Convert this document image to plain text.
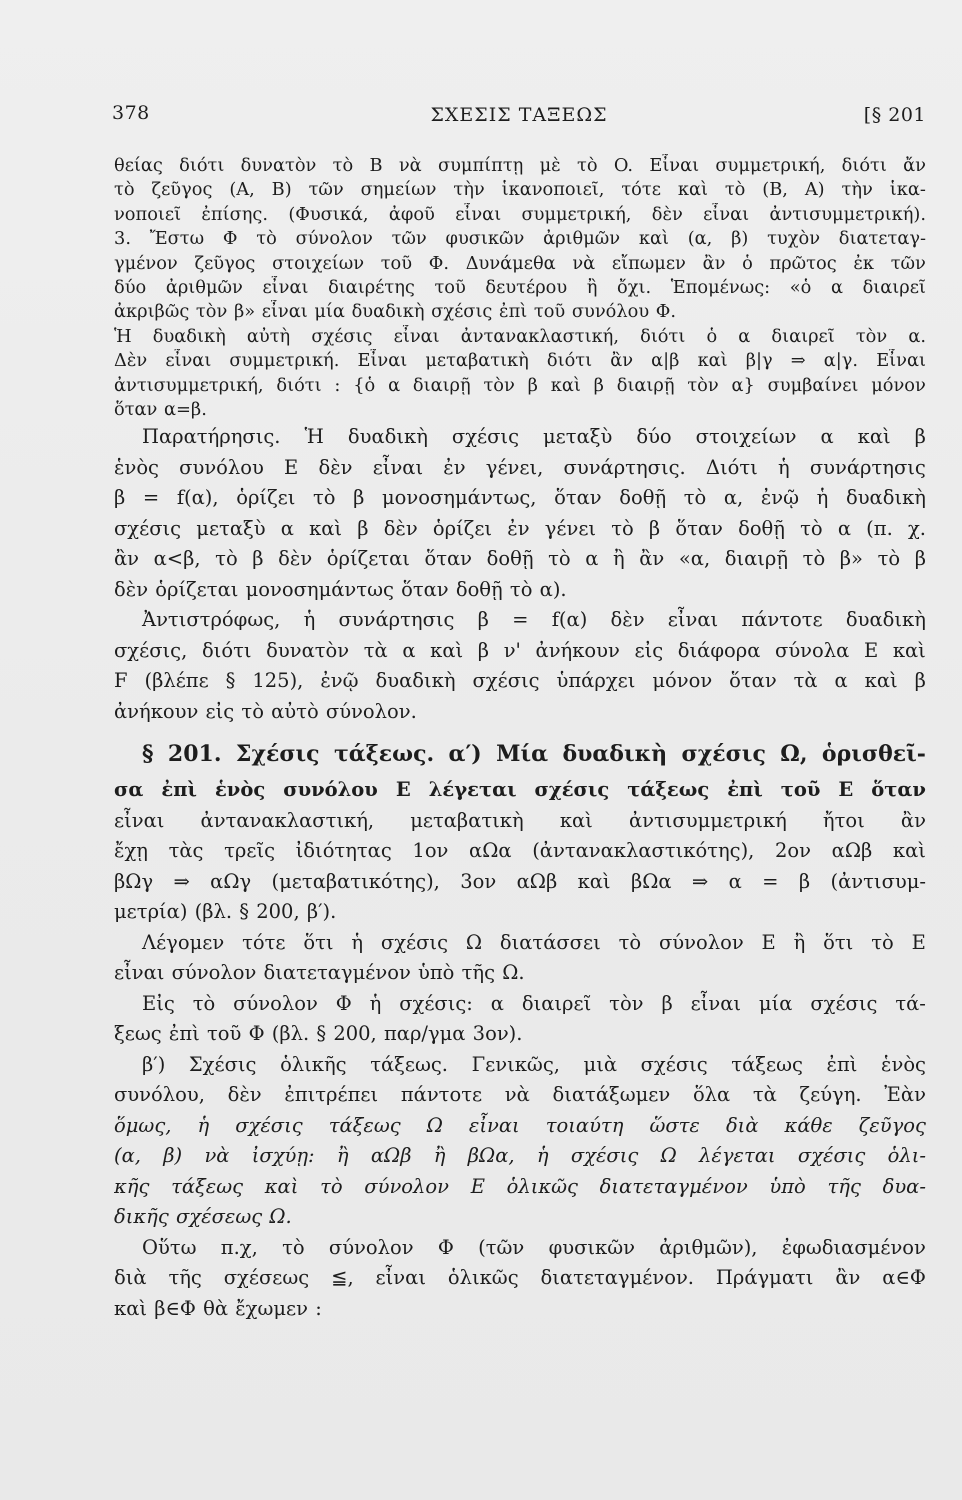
378	ΣΧΕΣΙΣ ΤΑΞΕΩΣ	[§ 201
θείας διότι δυνατὸν τὸ B νὰ συμπίπτῃ μὲ τὸ O. Εἶναι συμμετρική, διότι ἄν
τὸ ζεῦγος (A, B) τῶν σημείων τὴν ἱκανοποιεῖ, τότε καὶ τὸ (B, A) τὴν ἱκα-
νοποιεῖ ἐπίσης. (Φυσικά, ἀφοῦ εἶναι συμμετρική, δὲν εἶναι ἀντισυμμετρική).
3. Ἔστω Φ τὸ σύνολον τῶν φυσικῶν ἀριθμῶν καὶ (α, β) τυχὸν διατεταγ-
γμένον ζεῦγος στοιχείων τοῦ Φ. Δυνάμεθα νὰ εἴπωμεν ἂν ὁ πρῶτος ἐκ τῶν
δύο ἀριθμῶν εἶναι διαιρέτης τοῦ δευτέρου ἢ ὄχι. Ἑπομένως: «ὁ α διαιρεῖ
ἀκριβῶς τὸν β» εἶναι μία δυαδικὴ σχέσις ἐπὶ τοῦ συνόλου Φ.
Ἡ δυαδικὴ αὐτὴ σχέσις εἶναι ἀντανακλαστική, διότι ὁ α διαιρεῖ τὸν α.
Δὲν εἶναι συμμετρική. Εἶναι μεταβατικὴ διότι ἂν α|β καὶ β|γ ⇒ α|γ. Εἶναι
ἀντισυμμετρική, διότι : {ὁ α διαιρῇ τὸν β καὶ β διαιρῇ τὸν α} συμβαίνει μόνον
ὅταν α=β.
Παρατήρησις. Ἡ δυαδικὴ σχέσις μεταξὺ δύο στοιχείων α καὶ β
ἑνὸς συνόλου E δὲν εἶναι ἐν γένει, συνάρτησις. Διότι ἡ συνάρτησις
β = f(α), ὁρίζει τὸ β μονοσημάντως, ὅταν δοθῇ τὸ α, ἐνῷ ἡ δυαδικὴ
σχέσις μεταξὺ α καὶ β δὲν ὁρίζει ἐν γένει τὸ β ὅταν δοθῇ τὸ α (π. χ.
ἂν α<β, τὸ β δὲν ὁρίζεται ὅταν δοθῇ τὸ α ἢ ἂν «α, διαιρῇ τὸ β» τὸ β
δὲν ὁρίζεται μονοσημάντως ὅταν δοθῇ τὸ α).
Ἀντιστρόφως, ἡ συνάρτησις β = f(α) δὲν εἶναι πάντοτε δυαδικὴ
σχέσις, διότι δυνατὸν τὰ α καὶ β ν' ἀνήκουν εἰς διάφορα σύνολα E καὶ
F (βλέπε § 125), ἐνῷ δυαδικὴ σχέσις ὑπάρχει μόνον ὅταν τὰ α καὶ β
ἀνήκουν εἰς τὸ αὐτὸ σύνολον.
§ 201. Σχέσις τάξεως. α′) Μία δυαδικὴ σχέσις Ω, ὁρισθεῖ-
σα ἐπὶ ἑνὸς συνόλου E λέγεται σχέσις τάξεως ἐπὶ τοῦ E ὅταν
εἶναι ἀντανακλαστική, μεταβατικὴ καὶ ἀντισυμμετρική ἤτοι ἂν
ἔχῃ τὰς τρεῖς ἰδιότητας 1ον αΩα (ἀντανακλαστικότης), 2ον αΩβ καὶ
βΩγ ⇒ αΩγ (μεταβατικότης), 3ον αΩβ καὶ βΩα ⇒ α = β (ἀντισυμ-
μετρία) (βλ. § 200, β′).
Λέγομεν τότε ὅτι ἡ σχέσις Ω διατάσσει τὸ σύνολον E ἢ ὅτι τὸ E
εἶναι σύνολον διατεταγμένον ὑπὸ τῆς Ω.
Εἰς τὸ σύνολον Φ ἡ σχέσις: α διαιρεῖ τὸν β εἶναι μία σχέσις τά-
ξεως ἐπὶ τοῦ Φ (βλ. § 200, παρ/γμα 3ον).
β′) Σχέσις ὁλικῆς τάξεως. Γενικῶς, μιὰ σχέσις τάξεως ἐπὶ ἑνὸς
συνόλου, δὲν ἐπιτρέπει πάντοτε νὰ διατάξωμεν ὅλα τὰ ζεύγη. Ἐὰν
ὅμως, ἡ σχέσις τάξεως Ω εἶναι τοιαύτη ὥστε διὰ κάθε ζεῦγος
(α, β) νὰ ἰσχύῃ: ἢ αΩβ ἢ βΩα, ἡ σχέσις Ω λέγεται σχέσις ὁλι-
κῆς τάξεως καὶ τὸ σύνολον E ὁλικῶς διατεταγμένον ὑπὸ τῆς δυα-
δικῆς σχέσεως Ω.
Οὕτω π.χ, τὸ σύνολον Φ (τῶν φυσικῶν ἀριθμῶν), ἐφωδιασμένον
διὰ τῆς σχέσεως ≦, εἶναι ὁλικῶς διατεταγμένον. Πράγματι ἂν α∈Φ
καὶ β∈Φ θὰ ἔχωμεν :
